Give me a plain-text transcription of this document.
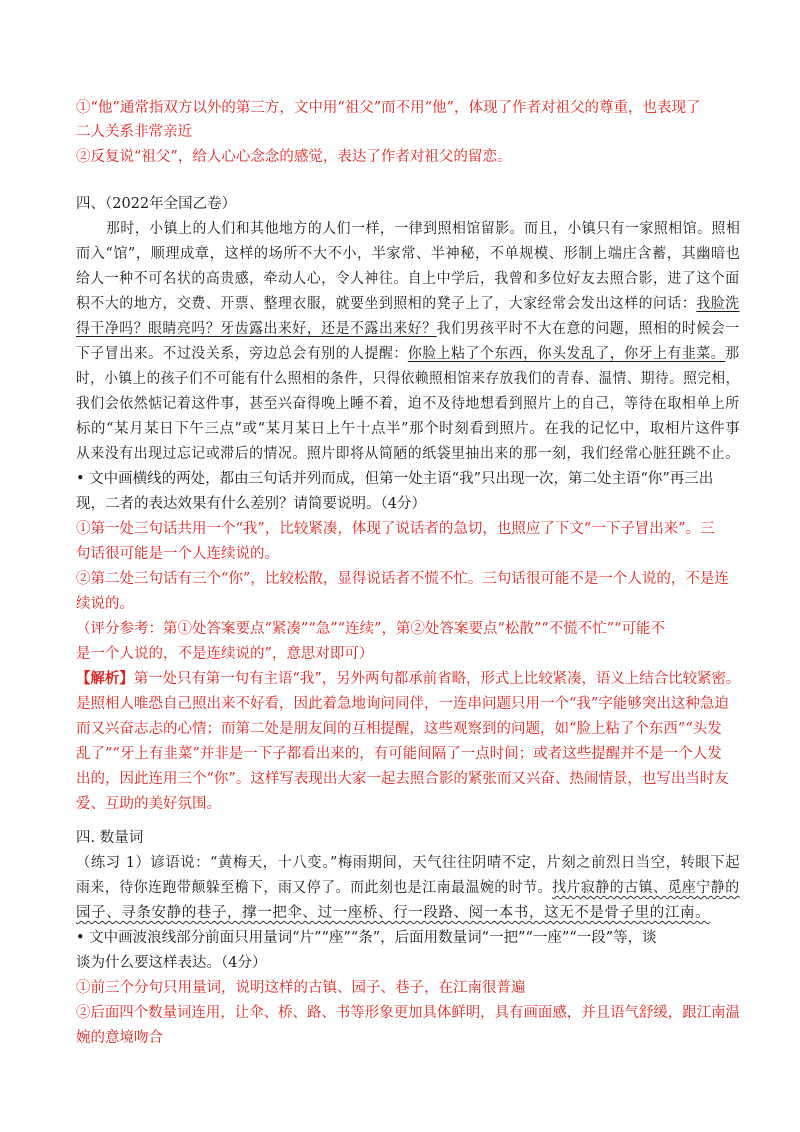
①“他”通常指双方以外的第三方，文中用“祖父”而不用“他”，体现了作者对祖父的尊重，也表现了
二人关系非常亲近
②反复说“祖父”，给人心心念念的感觉，表达了作者对祖父的留恋。
四、（2022年全国乙卷）
那时，小镇上的人们和其他地方的人们一样，一律到照相馆留影。而且，小镇只有一家照相馆。照相
而入“馆”，顺理成章，这样的场所不大不小，半家常、半神秘，不单规模、形制上端庄含蓄，其幽暗也
给人一种不可名状的高贵感，牵动人心，令人神往。自上中学后，我曾和多位好友去照合影，进了这个面
积不大的地方，交费、开票、整理衣服，就要坐到照相的凳子上了，大家经常会发出这样的问话：我脸洗
得干净吗？眼睛亮吗？牙齿露出来好，还是不露出来好？我们男孩平时不大在意的问题，照相的时候会一
下子冒出来。不过没关系，旁边总会有别的人提醒：你脸上粘了个东西，你头发乱了，你牙上有韭菜。那
时，小镇上的孩子们不可能有什么照相的条件，只得依赖照相馆来存放我们的青春、温情、期待。照完相，
我们会依然惦记着这件事，甚至兴奋得晚上睡不着，迫不及待地想看到照片上的自己，等待在取相单上所
标的“某月某日下午三点”或“某月某日上午十点半”那个时刻看到照片。在我的记忆中，取相片这件事
从来没有出现过忘记或滞后的情况。照片即将从简陋的纸袋里抽出来的那一刻，我们经常心脏狂跳不止。
• 文中画横线的两处，都由三句话并列而成，但第一处主语“我”只出现一次，第二处主语“你”再三出
现，二者的表达效果有什么差别？请简要说明。（4分）
①第一处三句话共用一个“我”，比较紧凑，体现了说话者的急切，也照应了下文“一下子冒出来”。三
句话很可能是一个人连续说的。
②第二处三句话有三个“你”，比较松散，显得说话者不慌不忙。三句话很可能不是一个人说的，不是连
续说的。
（评分参考：第①处答案要点“紧凑”“急”“连续”，第②处答案要点“松散”“不慌不忙”“可能不
是一个人说的，不是连续说的”，意思对即可）
【解析】第一处只有第一句有主语“我”，另外两句都承前省略，形式上比较紧凑，语义上结合比较紧密。
是照相人唯恐自己照出来不好看，因此着急地询问同伴，一连串问题只用一个“我”字能够突出这种急迫
而又兴奋志忐的心情；而第二处是朋友间的互相提醒，这些观察到的问题，如“脸上粘了个东西”“头发
乱了”“牙上有韭菜”并非是一下子都看出来的，有可能间隔了一点时间；或者这些提醒并不是一个人发
出的，因此连用三个“你”。这样写表现出大家一起去照合影的紧张而又兴奋、热闹情景，也写出当时友
爱、互助的美好氛围。
四. 数量词
（练习 1）谚语说：“黄梅天，十八变。”梅雨期间，天气往往阴晴不定，片刻之前烈日当空，转眼下起
雨来，待你连跑带颠躲至檐下，雨又停了。而此刻也是江南最温婉的时节。找片寂静的古镇、觅座宁静的
园子、寻条安静的巷子，撑一把伞、过一座桥、行一段路、阅一本书，这无不是骨子里的江南。
• 文中画波浪线部分前面只用量词“片”“座”“条”，后面用数量词“一把”“一座”“一段”等，谈
谈为什么要这样表达。（4分）
①前三个分句只用量词，说明这样的古镇、园子、巷子，在江南很普遍
②后面四个数量词连用，让伞、桥、路、书等形象更加具体鲜明，具有画面感，并且语气舒缓，跟江南温
婉的意境吻合
